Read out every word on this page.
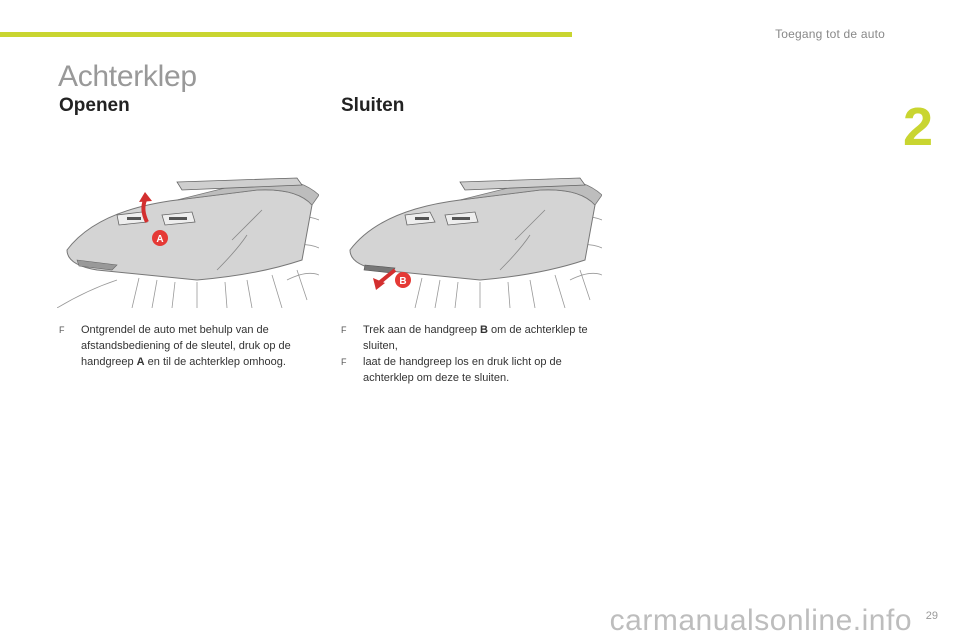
Toegang tot de auto
2
Achterklep
Openen	Sluiten
A
B
F Ontgrendel de auto met behulp van de afstandsbediening of de sleutel, druk op de handgreep A en til de achterklep omhoog.
F Trek aan de handgreep B om de achterklep te sluiten,
F laat de handgreep los en druk licht op de achterklep om deze te sluiten.
29
carmanualsonline.info
